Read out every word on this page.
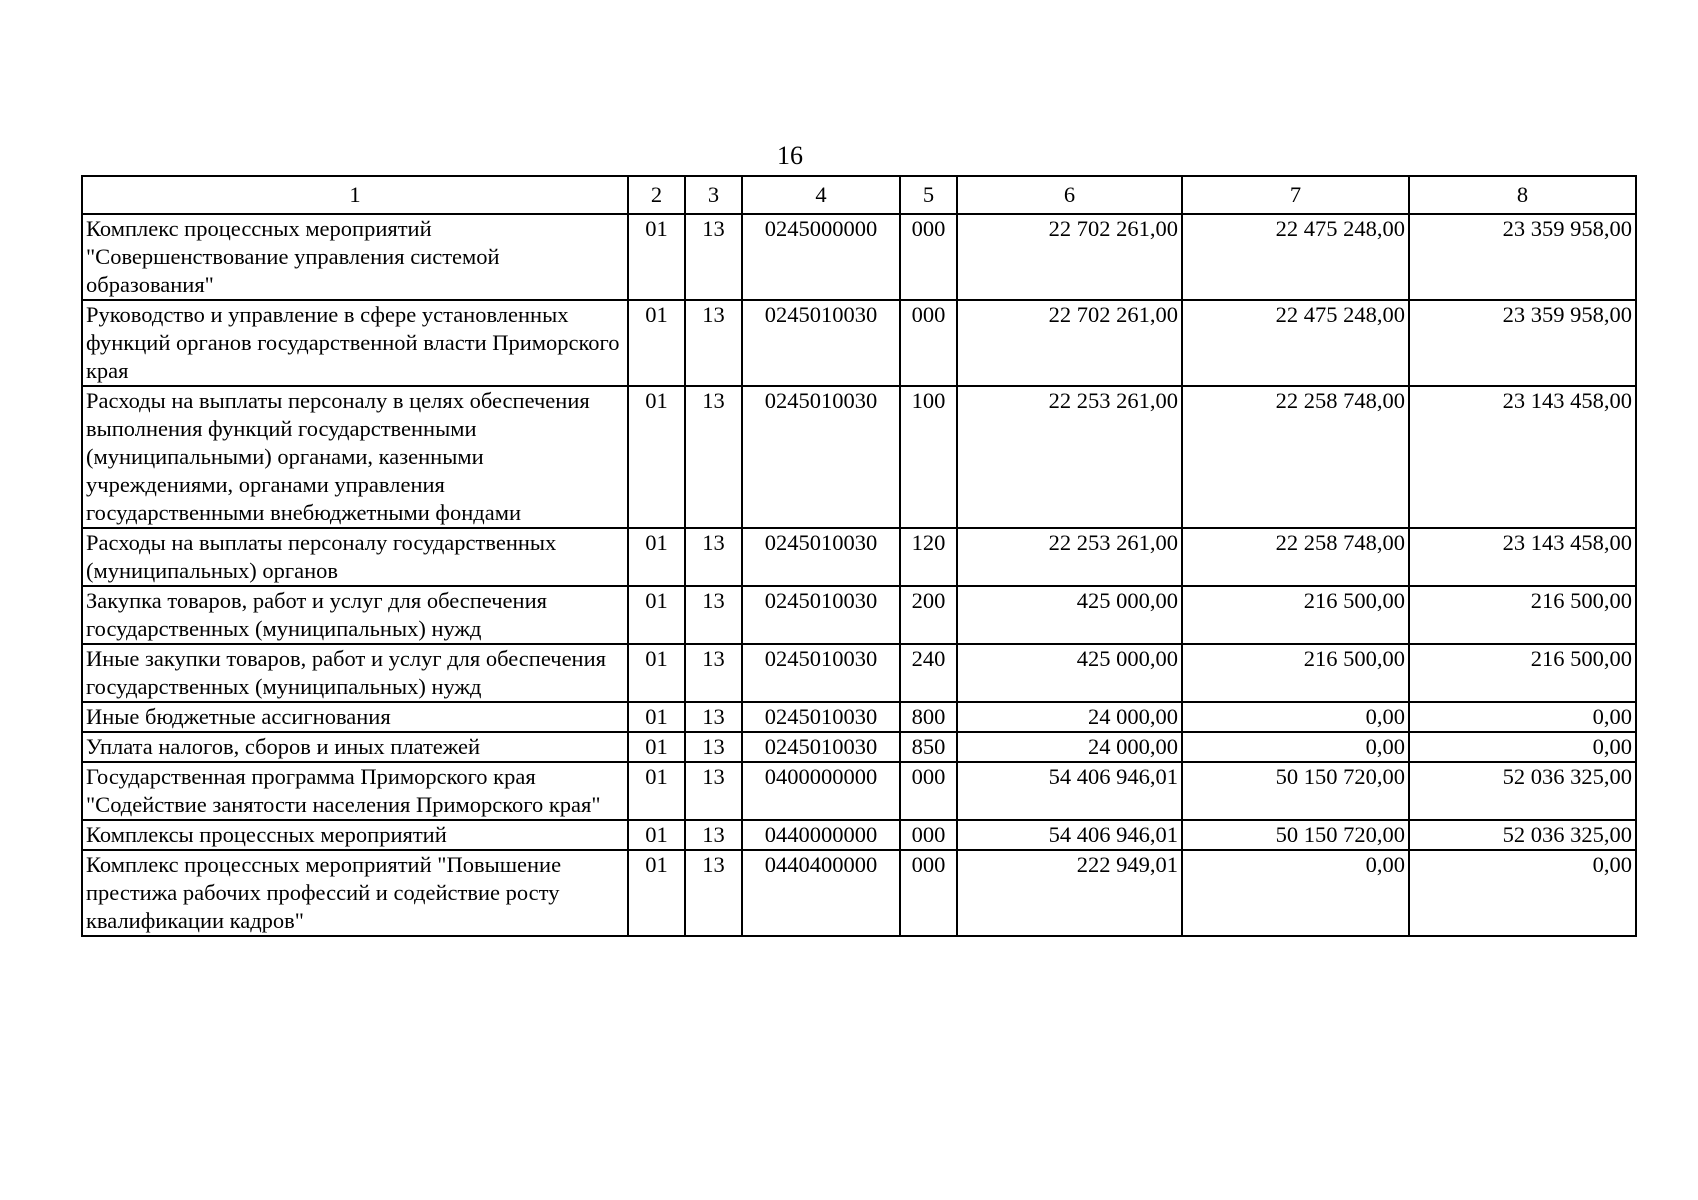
16
1	2	3	4	5	6	7	8
Комплекс процессных мероприятий "Совершенствование управления системой образования"	01	13	0245000000	000	22 702 261,00	22 475 248,00	23 359 958,00
Руководство и управление в сфере установленных функций органов государственной власти Приморского края	01	13	0245010030	000	22 702 261,00	22 475 248,00	23 359 958,00
Расходы на выплаты персоналу в целях обеспечения выполнения функций государственными (муниципальными) органами, казенными учреждениями, органами управления государственными внебюджетными фондами	01	13	0245010030	100	22 253 261,00	22 258 748,00	23 143 458,00
Расходы на выплаты персоналу государственных (муниципальных) органов	01	13	0245010030	120	22 253 261,00	22 258 748,00	23 143 458,00
Закупка товаров, работ и услуг для обеспечения государственных (муниципальных) нужд	01	13	0245010030	200	425 000,00	216 500,00	216 500,00
Иные закупки товаров, работ и услуг для обеспечения государственных (муниципальных) нужд	01	13	0245010030	240	425 000,00	216 500,00	216 500,00
Иные бюджетные ассигнования	01	13	0245010030	800	24 000,00	0,00	0,00
Уплата налогов, сборов и иных платежей	01	13	0245010030	850	24 000,00	0,00	0,00
Государственная программа Приморского края "Содействие занятости населения Приморского края"	01	13	0400000000	000	54 406 946,01	50 150 720,00	52 036 325,00
Комплексы процессных мероприятий	01	13	0440000000	000	54 406 946,01	50 150 720,00	52 036 325,00
Комплекс процессных мероприятий "Повышение престижа рабочих профессий и содействие росту квалификации кадров"	01	13	0440400000	000	222 949,01	0,00	0,00
